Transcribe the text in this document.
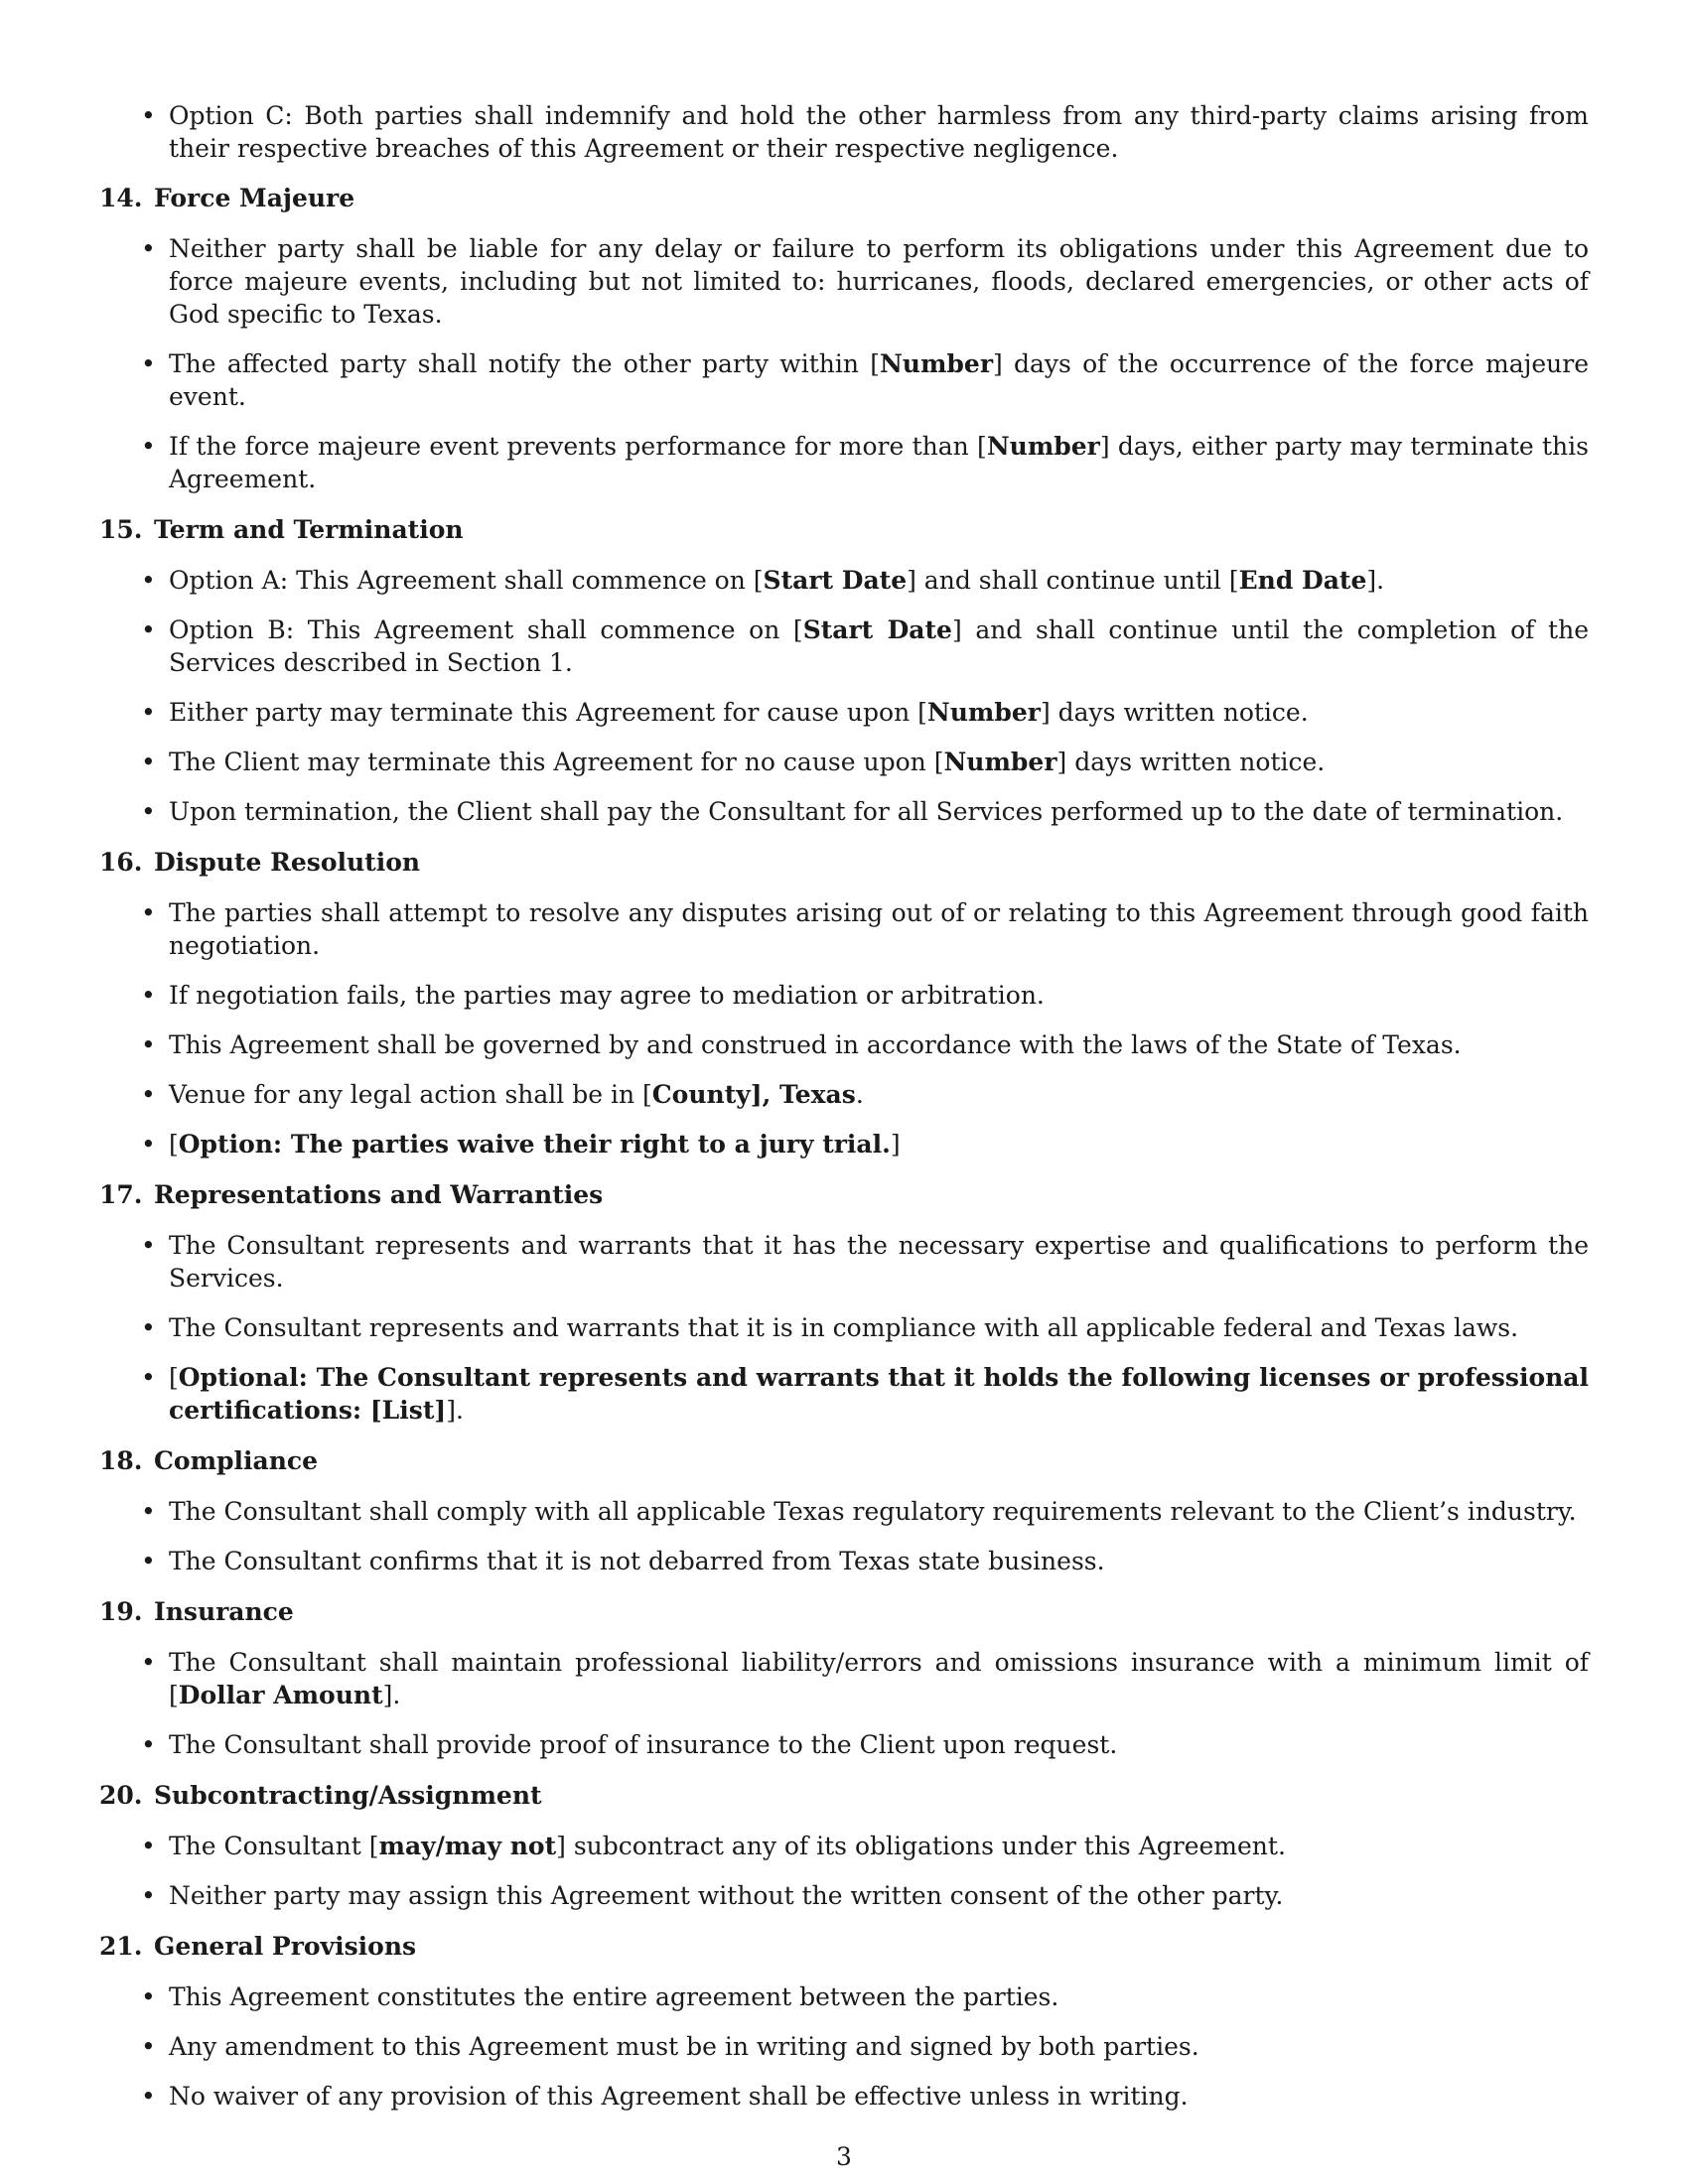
• Option C: Both parties shall indemnify and hold the other harmless from any third-party claims arising from their respective breaches of this Agreement or their respective negligence.
14. Force Majeure
• Neither party shall be liable for any delay or failure to perform its obligations under this Agreement due to force majeure events, including but not limited to: hurricanes, floods, declared emergencies, or other acts of God specific to Texas.
• The affected party shall notify the other party within [Number] days of the occurrence of the force majeure event.
• If the force majeure event prevents performance for more than [Number] days, either party may terminate this Agreement.
15. Term and Termination
• Option A: This Agreement shall commence on [Start Date] and shall continue until [End Date].
• Option B: This Agreement shall commence on [Start Date] and shall continue until the completion of the Services described in Section 1.
• Either party may terminate this Agreement for cause upon [Number] days written notice.
• The Client may terminate this Agreement for no cause upon [Number] days written notice.
• Upon termination, the Client shall pay the Consultant for all Services performed up to the date of termination.
16. Dispute Resolution
• The parties shall attempt to resolve any disputes arising out of or relating to this Agreement through good faith negotiation.
• If negotiation fails, the parties may agree to mediation or arbitration.
• This Agreement shall be governed by and construed in accordance with the laws of the State of Texas.
• Venue for any legal action shall be in [County], Texas.
• [Option: The parties waive their right to a jury trial.]
17. Representations and Warranties
• The Consultant represents and warrants that it has the necessary expertise and qualifications to perform the Services.
• The Consultant represents and warrants that it is in compliance with all applicable federal and Texas laws.
• [Optional: The Consultant represents and warrants that it holds the following licenses or professional certifications: [List]].
18. Compliance
• The Consultant shall comply with all applicable Texas regulatory requirements relevant to the Client’s industry.
• The Consultant confirms that it is not debarred from Texas state business.
19. Insurance
• The Consultant shall maintain professional liability/errors and omissions insurance with a minimum limit of [Dollar Amount].
• The Consultant shall provide proof of insurance to the Client upon request.
20. Subcontracting/Assignment
• The Consultant [may/may not] subcontract any of its obligations under this Agreement.
• Neither party may assign this Agreement without the written consent of the other party.
21. General Provisions
• This Agreement constitutes the entire agreement between the parties.
• Any amendment to this Agreement must be in writing and signed by both parties.
• No waiver of any provision of this Agreement shall be effective unless in writing.
3
